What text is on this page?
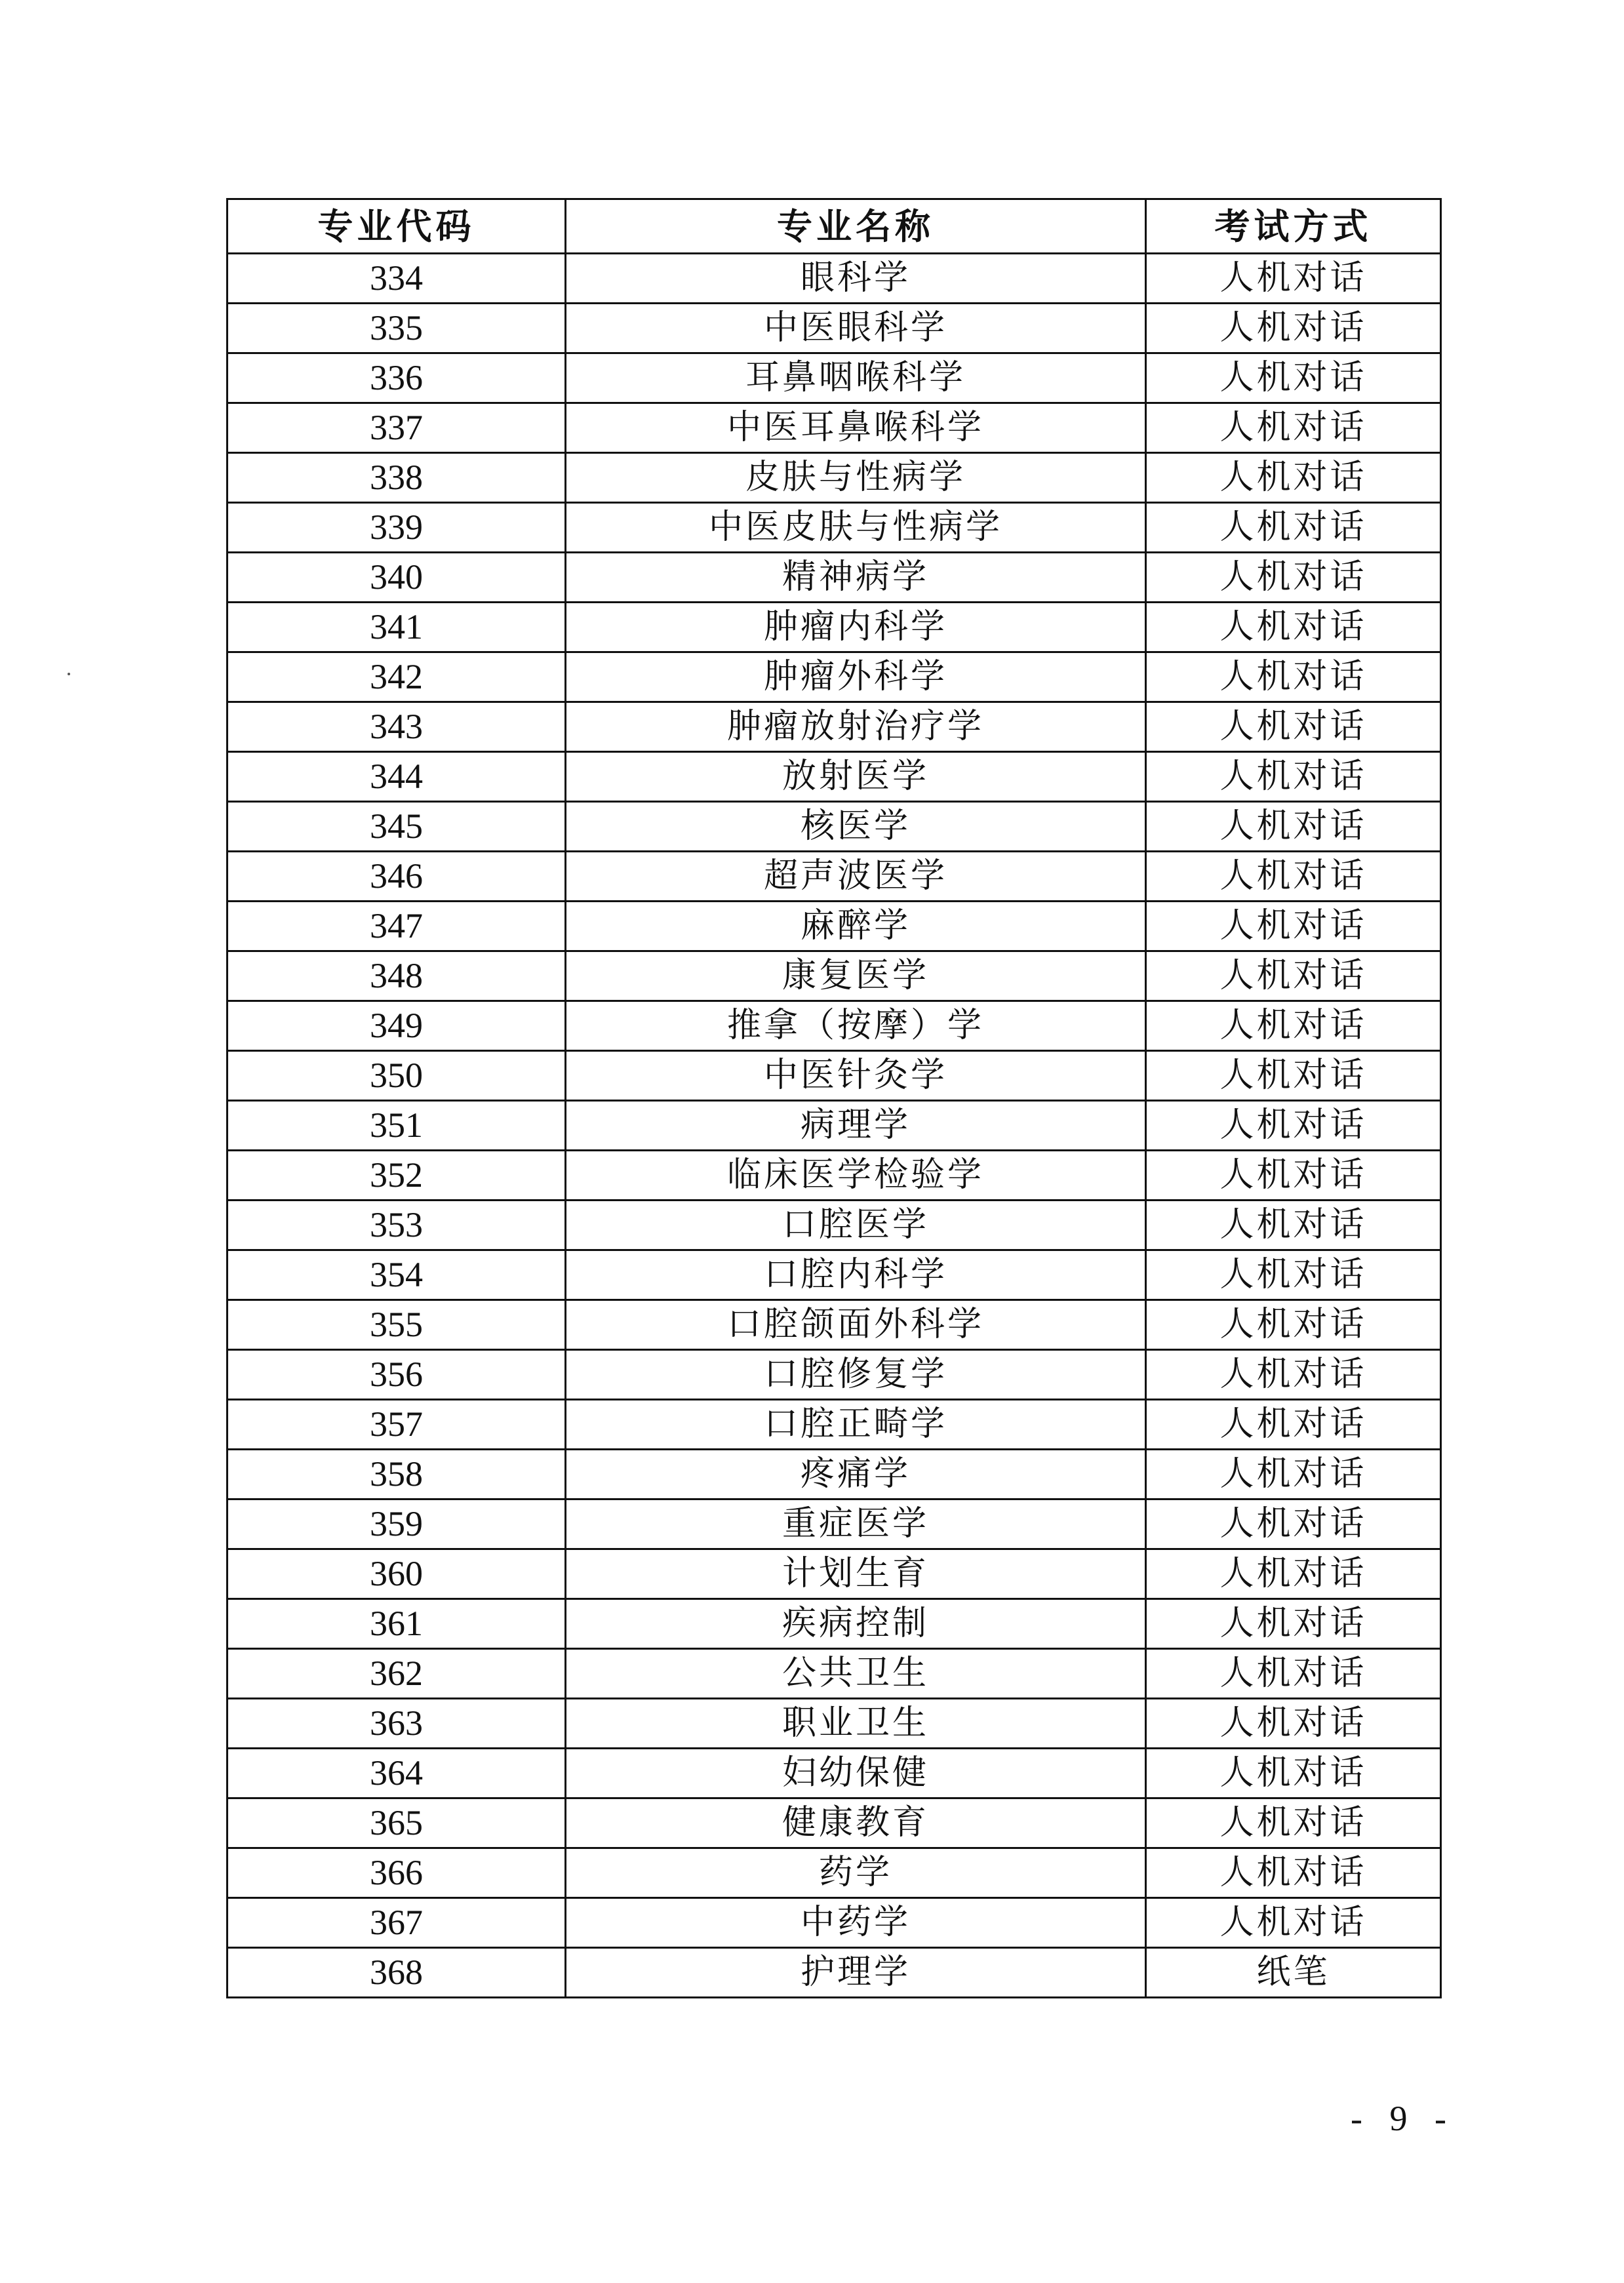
专业代码	专业名称	考试方式
334	眼科学	人机对话
335	中医眼科学	人机对话
336	耳鼻咽喉科学	人机对话
337	中医耳鼻喉科学	人机对话
338	皮肤与性病学	人机对话
339	中医皮肤与性病学	人机对话
340	精神病学	人机对话
341	肿瘤内科学	人机对话
342	肿瘤外科学	人机对话
343	肿瘤放射治疗学	人机对话
344	放射医学	人机对话
345	核医学	人机对话
346	超声波医学	人机对话
347	麻醉学	人机对话
348	康复医学	人机对话
349	推拿（按摩）学	人机对话
350	中医针灸学	人机对话
351	病理学	人机对话
352	临床医学检验学	人机对话
353	口腔医学	人机对话
354	口腔内科学	人机对话
355	口腔颌面外科学	人机对话
356	口腔修复学	人机对话
357	口腔正畸学	人机对话
358	疼痛学	人机对话
359	重症医学	人机对话
360	计划生育	人机对话
361	疾病控制	人机对话
362	公共卫生	人机对话
363	职业卫生	人机对话
364	妇幼保健	人机对话
365	健康教育	人机对话
366	药学	人机对话
367	中药学	人机对话
368	护理学	纸笔
- 9 -
